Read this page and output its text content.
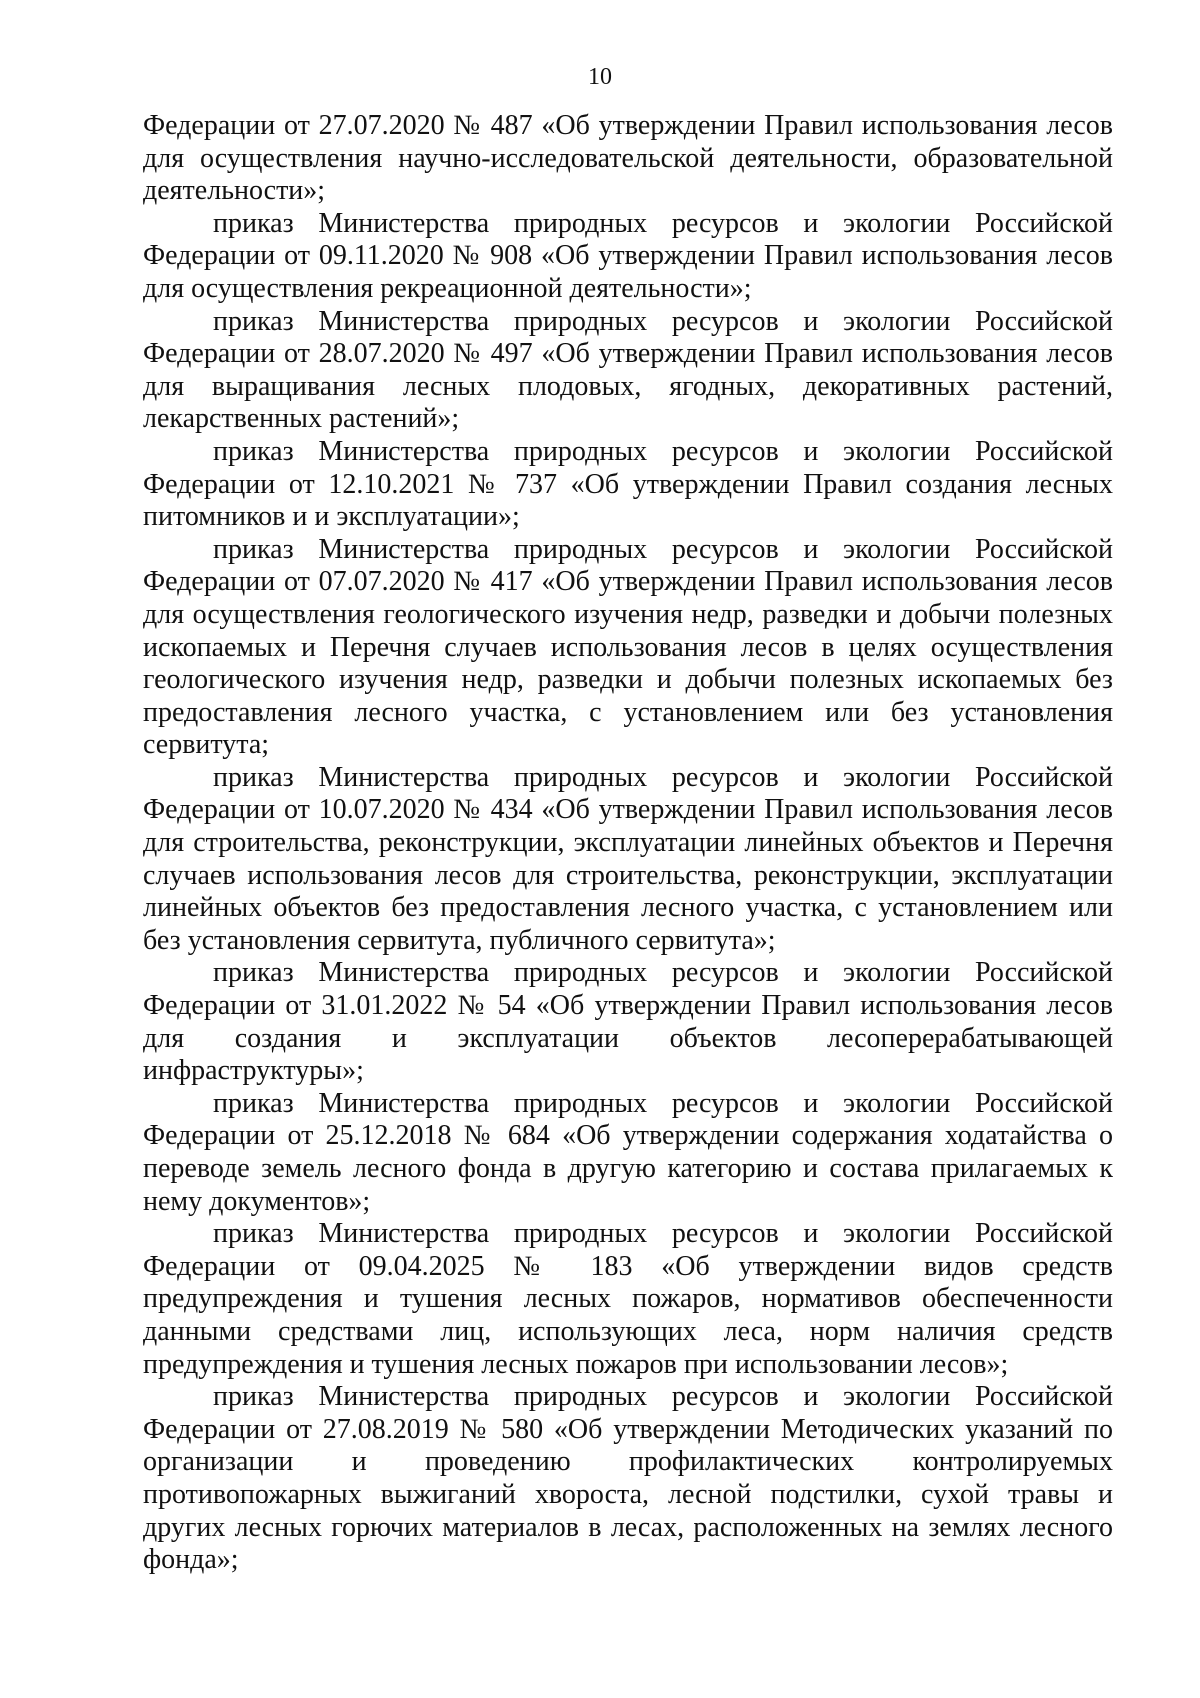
10

Федерации от 27.07.2020 № 487 «Об утверждении Правил использования лесов для осуществления научно-исследовательской деятельности, образовательной деятельности»;

приказ Министерства природных ресурсов и экологии Российской Федерации от 09.11.2020 № 908 «Об утверждении Правил использования лесов для осуществления рекреационной деятельности»;

приказ Министерства природных ресурсов и экологии Российской Федерации от 28.07.2020 № 497 «Об утверждении Правил использования лесов для выращивания лесных плодовых, ягодных, декоративных растений, лекарственных растений»;

приказ Министерства природных ресурсов и экологии Российской Федерации от 12.10.2021 № 737 «Об утверждении Правил создания лесных питомников и и эксплуатации»;

приказ Министерства природных ресурсов и экологии Российской Федерации от 07.07.2020 № 417 «Об утверждении Правил использования лесов для осуществления геологического изучения недр, разведки и добычи полезных ископаемых и Перечня случаев использования лесов в целях осуществления геологического изучения недр, разведки и добычи полезных ископаемых без предоставления лесного участка, с установлением или без установления сервитута;

приказ Министерства природных ресурсов и экологии Российской Федерации от 10.07.2020 № 434 «Об утверждении Правил использования лесов для строительства, реконструкции, эксплуатации линейных объектов и Перечня случаев использования лесов для строительства, реконструкции, эксплуатации линейных объектов без предоставления лесного участка, с установлением или без установления сервитута, публичного сервитута»;

приказ Министерства природных ресурсов и экологии Российской Федерации от 31.01.2022 № 54 «Об утверждении Правил использования лесов для создания и эксплуатации объектов лесоперерабатывающей инфраструктуры»;

приказ Министерства природных ресурсов и экологии Российской Федерации от 25.12.2018 № 684 «Об утверждении содержания ходатайства о переводе земель лесного фонда в другую категорию и состава прилагаемых к нему документов»;

приказ Министерства природных ресурсов и экологии Российской Федерации от 09.04.2025 № 183 «Об утверждении видов средств предупреждения и тушения лесных пожаров, нормативов обеспеченности данными средствами лиц, использующих леса, норм наличия средств предупреждения и тушения лесных пожаров при использовании лесов»;

приказ Министерства природных ресурсов и экологии Российской Федерации от 27.08.2019 № 580 «Об утверждении Методических указаний по организации и проведению профилактических контролируемых противопожарных выжиганий хвороста, лесной подстилки, сухой травы и других лесных горючих материалов в лесах, расположенных на землях лесного фонда»;
